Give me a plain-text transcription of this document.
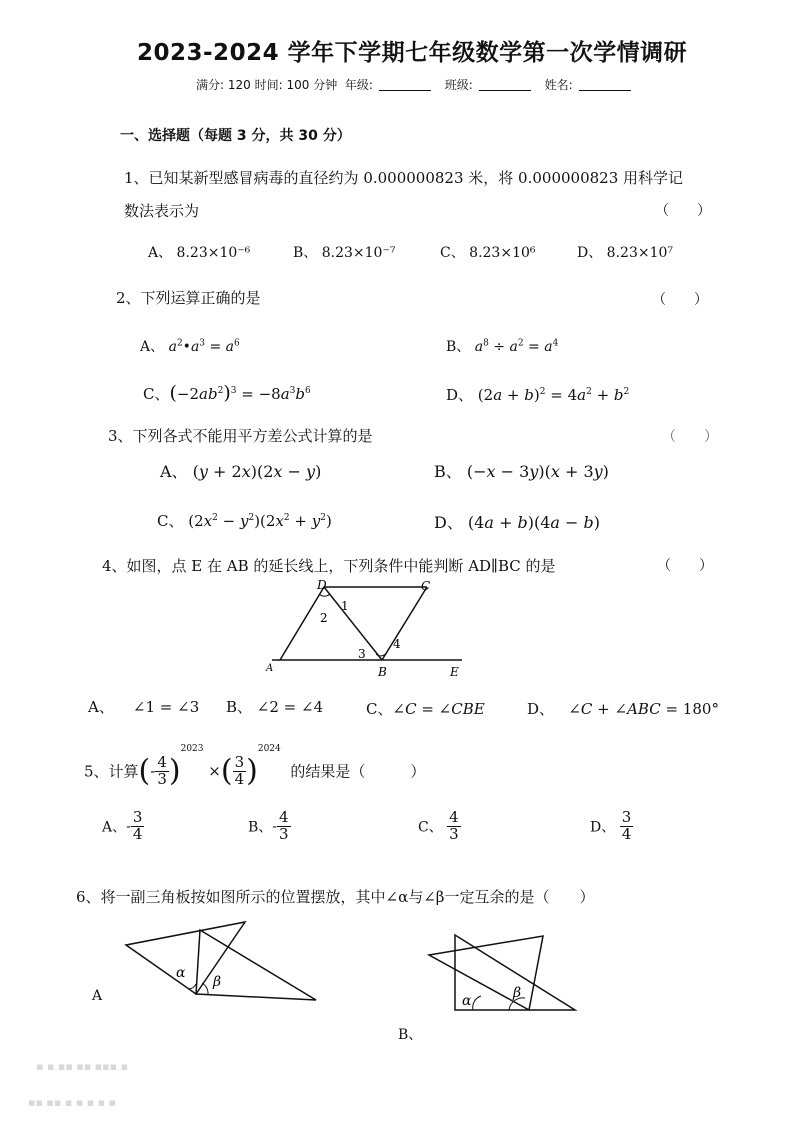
2023-2024 学年下学期七年级数学第一次学情调研
满分: 120 时间: 100 分钟 年级:	班级:	姓名:
一、选择题（每题 3 分，共 30 分）
1、已知某新型感冒病毒的直径约为 0.000000823 米，将 0.000000823 用科学记
数法表示为	（　　）
A、 8.23×10⁻⁶	B、 8.23×10⁻⁷	C、 8.23×10⁶	D、 8.23×10⁷
2、下列运算正确的是	（　　）
A、 $a^2•a^3 = a^6$	B、 $a^8 \div a^2 = a^4$
C、$(-2ab^2)^3 = -8a^3b^6$	D、 $(2a + b)^2 = 4a^2 + b^2$
3、下列各式不能用平方差公式计算的是	（　　）
A、 (y + 2x)(2x − y)	B、 (−x − 3y)(x + 3y)
C、 $(2x^2 - y^2)(2x^2 + y^2)$	D、 (4a + b)(4a − b)
4、如图，点 E 在 AB 的延长线上，下列条件中能判断 AD∥BC 的是	（　　）
D	C
A	B	E
1
2
3
4
A、    ∠1 = ∠3 B、 ∠2 = ∠4	C、∠C = ∠CBE	D、   ∠C + ∠ABC = 180°
5、计算(- $\frac{4}{3} )^{2023}$ ×( $\frac{3}{4} )^{2024}$  的结果是（　　　）
A、- $\frac{3}{4}$	B、- $\frac{4}{3}$	C、 $\frac{4}{3}$	D、 $\frac{3}{4}$
6、将一副三角板按如图所示的位置摆放，其中∠α与∠β一定互余的是（　　）
α
β
A	α	β
B、
▪ ▪ ▪▪ ▪▪ ▪▪▪ ▪
▪▪ ▪▪ ▪ ▪ ▪ ▪ ▪
